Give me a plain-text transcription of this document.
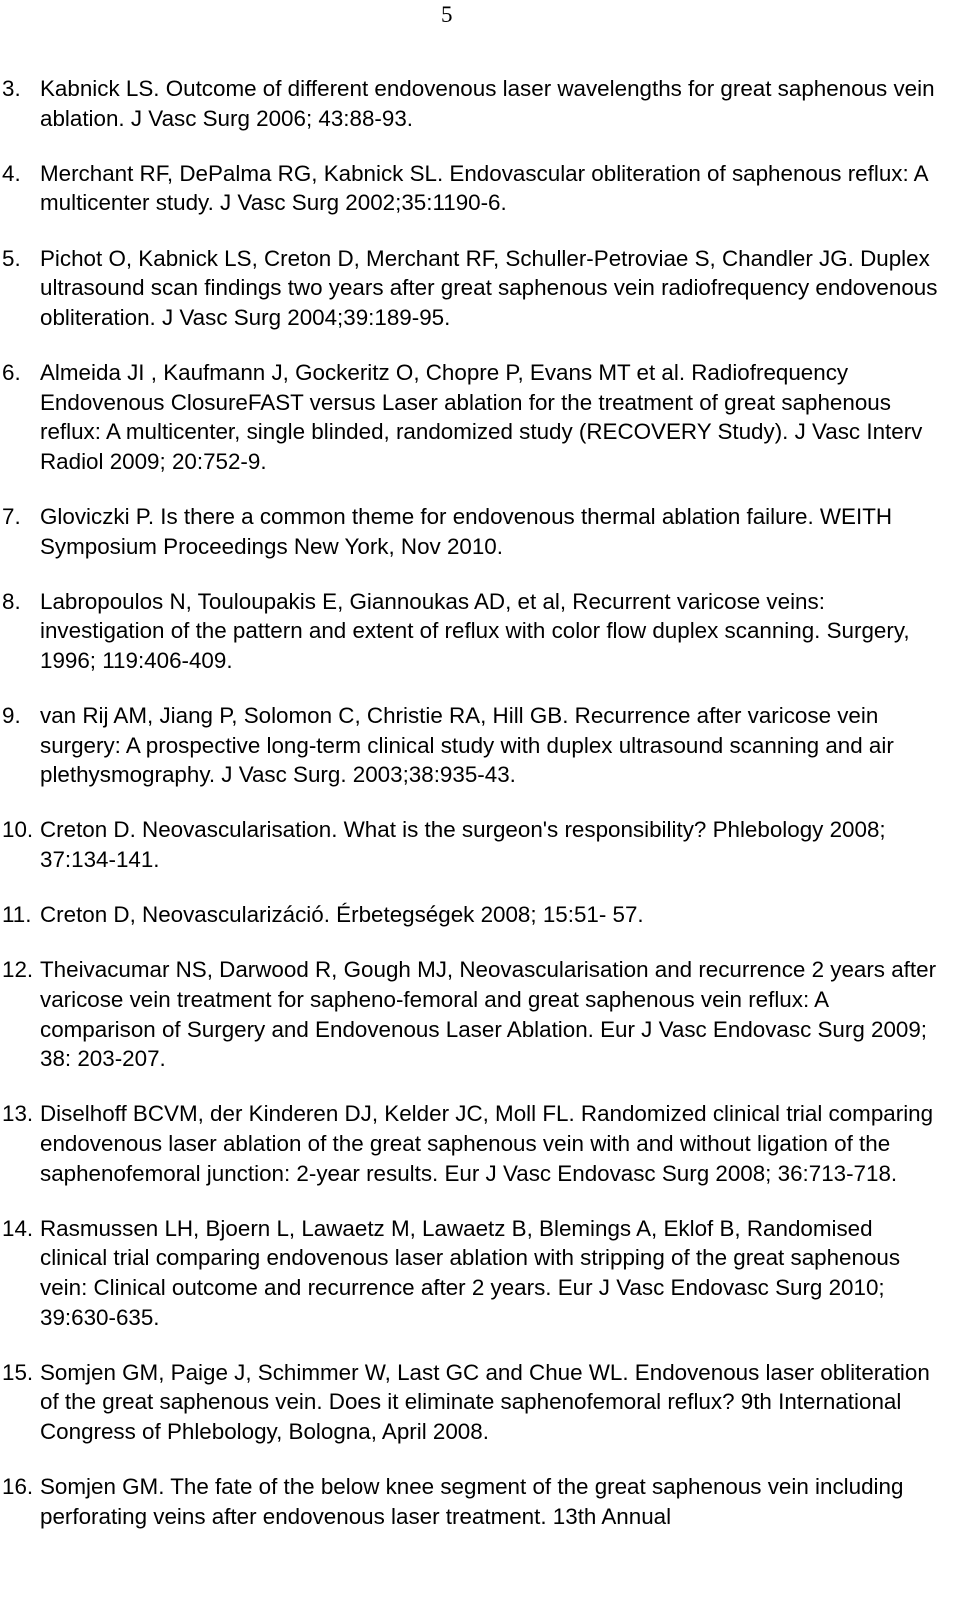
5
3. Kabnick LS. Outcome of different endovenous laser wavelengths for great saphenous vein ablation. J Vasc Surg 2006; 43:88-93.
4. Merchant RF, DePalma RG, Kabnick SL. Endovascular obliteration of saphenous reflux: A multicenter study. J Vasc Surg 2002;35:1190-6.
5. Pichot O, Kabnick LS, Creton D, Merchant RF, Schuller-Petroviae S, Chandler JG. Duplex ultrasound scan findings two years after great saphenous vein radiofrequency endovenous obliteration. J Vasc Surg 2004;39:189-95.
6. Almeida JI , Kaufmann J, Gockeritz O, Chopre P, Evans MT et al. Radiofrequency Endovenous ClosureFAST versus Laser ablation for the treatment of great saphenous reflux: A multicenter, single blinded, randomized study (RECOVERY Study). J Vasc Interv Radiol 2009; 20:752-9.
7. Gloviczki P. Is there a common theme for endovenous thermal ablation failure. WEITH Symposium Proceedings New York, Nov 2010.
8. Labropoulos N, Touloupakis E, Giannoukas AD, et al, Recurrent varicose veins: investigation of the pattern and extent of reflux with color flow duplex scanning. Surgery, 1996; 119:406-409.
9. van Rij AM, Jiang P, Solomon C, Christie RA, Hill GB. Recurrence after varicose vein surgery: A prospective long-term clinical study with duplex ultrasound scanning and air plethysmography. J Vasc Surg. 2003;38:935-43.
10. Creton D. Neovascularisation. What is the surgeon's responsibility? Phlebology 2008; 37:134-141.
11. Creton D, Neovascularizáció. Érbetegségek 2008; 15:51- 57.
12. Theivacumar NS, Darwood R, Gough MJ, Neovascularisation and recurrence 2 years after varicose vein treatment for sapheno-femoral and great saphenous vein reflux: A comparison of Surgery and Endovenous Laser Ablation. Eur J Vasc Endovasc Surg 2009; 38: 203-207.
13. Diselhoff BCVM, der Kinderen DJ, Kelder JC, Moll FL. Randomized clinical trial comparing endovenous laser ablation of the great saphenous vein with and without ligation of the saphenofemoral junction: 2-year results. Eur J Vasc Endovasc Surg 2008; 36:713-718.
14. Rasmussen LH, Bjoern L, Lawaetz M, Lawaetz B, Blemings A, Eklof B, Randomised clinical trial comparing endovenous laser ablation with stripping of the great saphenous vein: Clinical outcome and recurrence after 2 years. Eur J Vasc Endovasc Surg 2010; 39:630-635.
15. Somjen GM, Paige J, Schimmer W, Last GC and Chue WL. Endovenous laser obliteration of the great saphenous vein. Does it eliminate saphenofemoral reflux? 9th International Congress of Phlebology, Bologna, April 2008.
16. Somjen GM. The fate of the below knee segment of the great saphenous vein including perforating veins after endovenous laser treatment. 13th Annual
